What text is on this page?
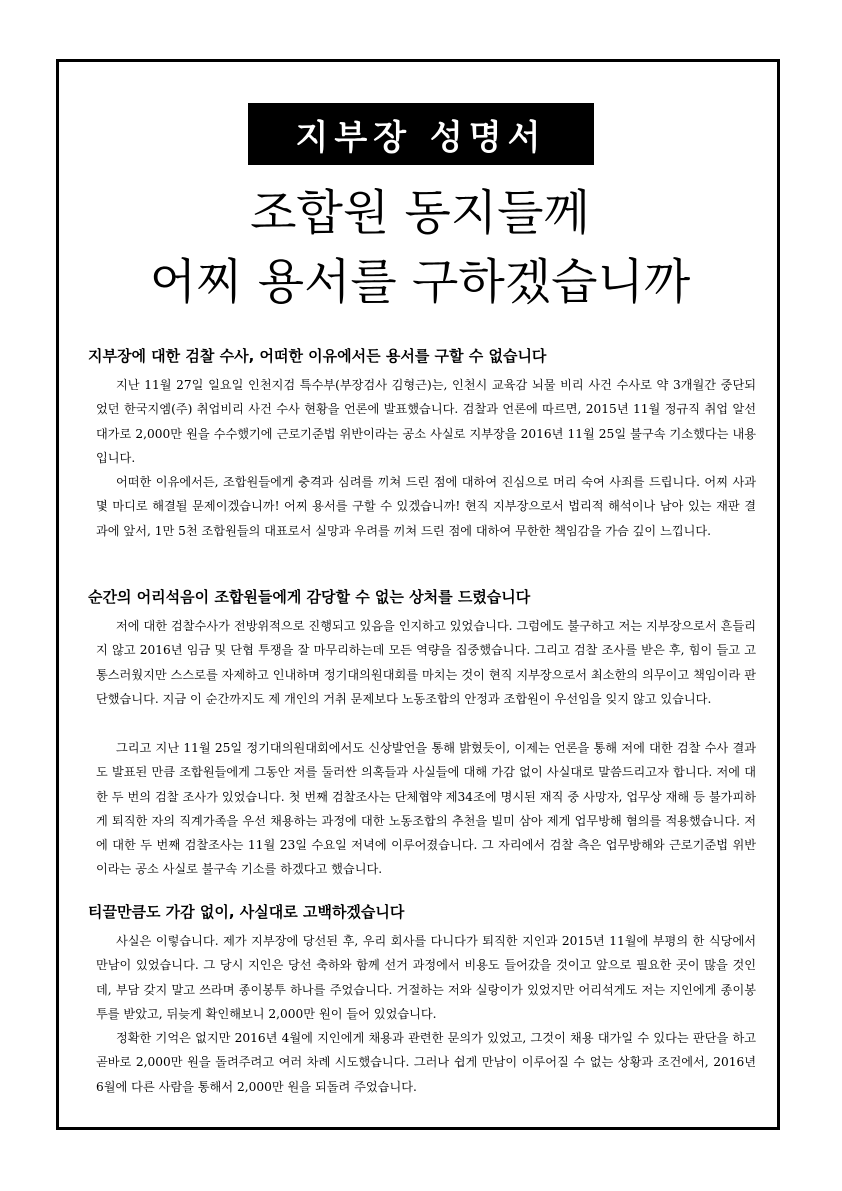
지부장 성명서
조합원 동지들께
어찌 용서를 구하겠습니까
지부장에 대한 검찰 수사, 어떠한 이유에서든 용서를 구할 수 없습니다
지난 11월 27일 일요일 인천지검 특수부(부장검사 김형근)는, 인천시 교육감 뇌물 비리 사건 수사로 약 3개월간 중단되었던 한국지엠(주) 취업비리 사건 수사 현황을 언론에 발표했습니다. 검찰과 언론에 따르면, 2015년 11월 정규직 취업 알선 대가로 2,000만 원을 수수했기에 근로기준법 위반이라는 공소 사실로 지부장을 2016년 11월 25일 불구속 기소했다는 내용입니다.
어떠한 이유에서든, 조합원들에게 충격과 심려를 끼쳐 드린 점에 대하여 진심으로 머리 숙여 사죄를 드립니다. 어찌 사과 몇 마디로 해결될 문제이겠습니까! 어찌 용서를 구할 수 있겠습니까! 현직 지부장으로서 법리적 해석이나 남아 있는 재판 결과에 앞서, 1만 5천 조합원들의 대표로서 실망과 우려를 끼쳐 드린 점에 대하여 무한한 책임감을 가슴 깊이 느낍니다.
순간의 어리석음이 조합원들에게 감당할 수 없는 상처를 드렸습니다
저에 대한 검찰수사가 전방위적으로 진행되고 있음을 인지하고 있었습니다. 그럼에도 불구하고 저는 지부장으로서 흔들리지 않고 2016년 임금 및 단협 투쟁을 잘 마무리하는데 모든 역량을 집중했습니다. 그리고 검찰 조사를 받은 후, 힘이 들고 고통스러웠지만 스스로를 자제하고 인내하며 정기대의원대회를 마치는 것이 현직 지부장으로서 최소한의 의무이고 책임이라 판단했습니다. 지금 이 순간까지도 제 개인의 거취 문제보다 노동조합의 안정과 조합원이 우선임을 잊지 않고 있습니다.
그리고 지난 11월 25일 정기대의원대회에서도 신상발언을 통해 밝혔듯이, 이제는 언론을 통해 저에 대한 검찰 수사 결과도 발표된 만큼 조합원들에게 그동안 저를 둘러싼 의혹들과 사실들에 대해 가감 없이 사실대로 말씀드리고자 합니다. 저에 대한 두 번의 검찰 조사가 있었습니다. 첫 번째 검찰조사는 단체협약 제34조에 명시된 재직 중 사망자, 업무상 재해 등 불가피하게 퇴직한 자의 직계가족을 우선 채용하는 과정에 대한 노동조합의 추천을 빌미 삼아 제게 업무방해 혐의를 적용했습니다. 저에 대한 두 번째 검찰조사는 11월 23일 수요일 저녁에 이루어졌습니다. 그 자리에서 검찰 측은 업무방해와 근로기준법 위반이라는 공소 사실로 불구속 기소를 하겠다고 했습니다.
티끌만큼도 가감 없이, 사실대로 고백하겠습니다
사실은 이렇습니다. 제가 지부장에 당선된 후, 우리 회사를 다니다가 퇴직한 지인과 2015년 11월에 부평의 한 식당에서 만남이 있었습니다. 그 당시 지인은 당선 축하와 함께 선거 과정에서 비용도 들어갔을 것이고 앞으로 필요한 곳이 많을 것인데, 부담 갖지 말고 쓰라며 종이봉투 하나를 주었습니다. 거절하는 저와 실랑이가 있었지만 어리석게도 저는 지인에게 종이봉투를 받았고, 뒤늦게 확인해보니 2,000만 원이 들어 있었습니다.
정확한 기억은 없지만 2016년 4월에 지인에게 채용과 관련한 문의가 있었고, 그것이 채용 대가일 수 있다는 판단을 하고 곧바로 2,000만 원을 돌려주려고 여러 차례 시도했습니다. 그러나 쉽게 만남이 이루어질 수 없는 상황과 조건에서, 2016년 6월에 다른 사람을 통해서 2,000만 원을 되돌려 주었습니다.
